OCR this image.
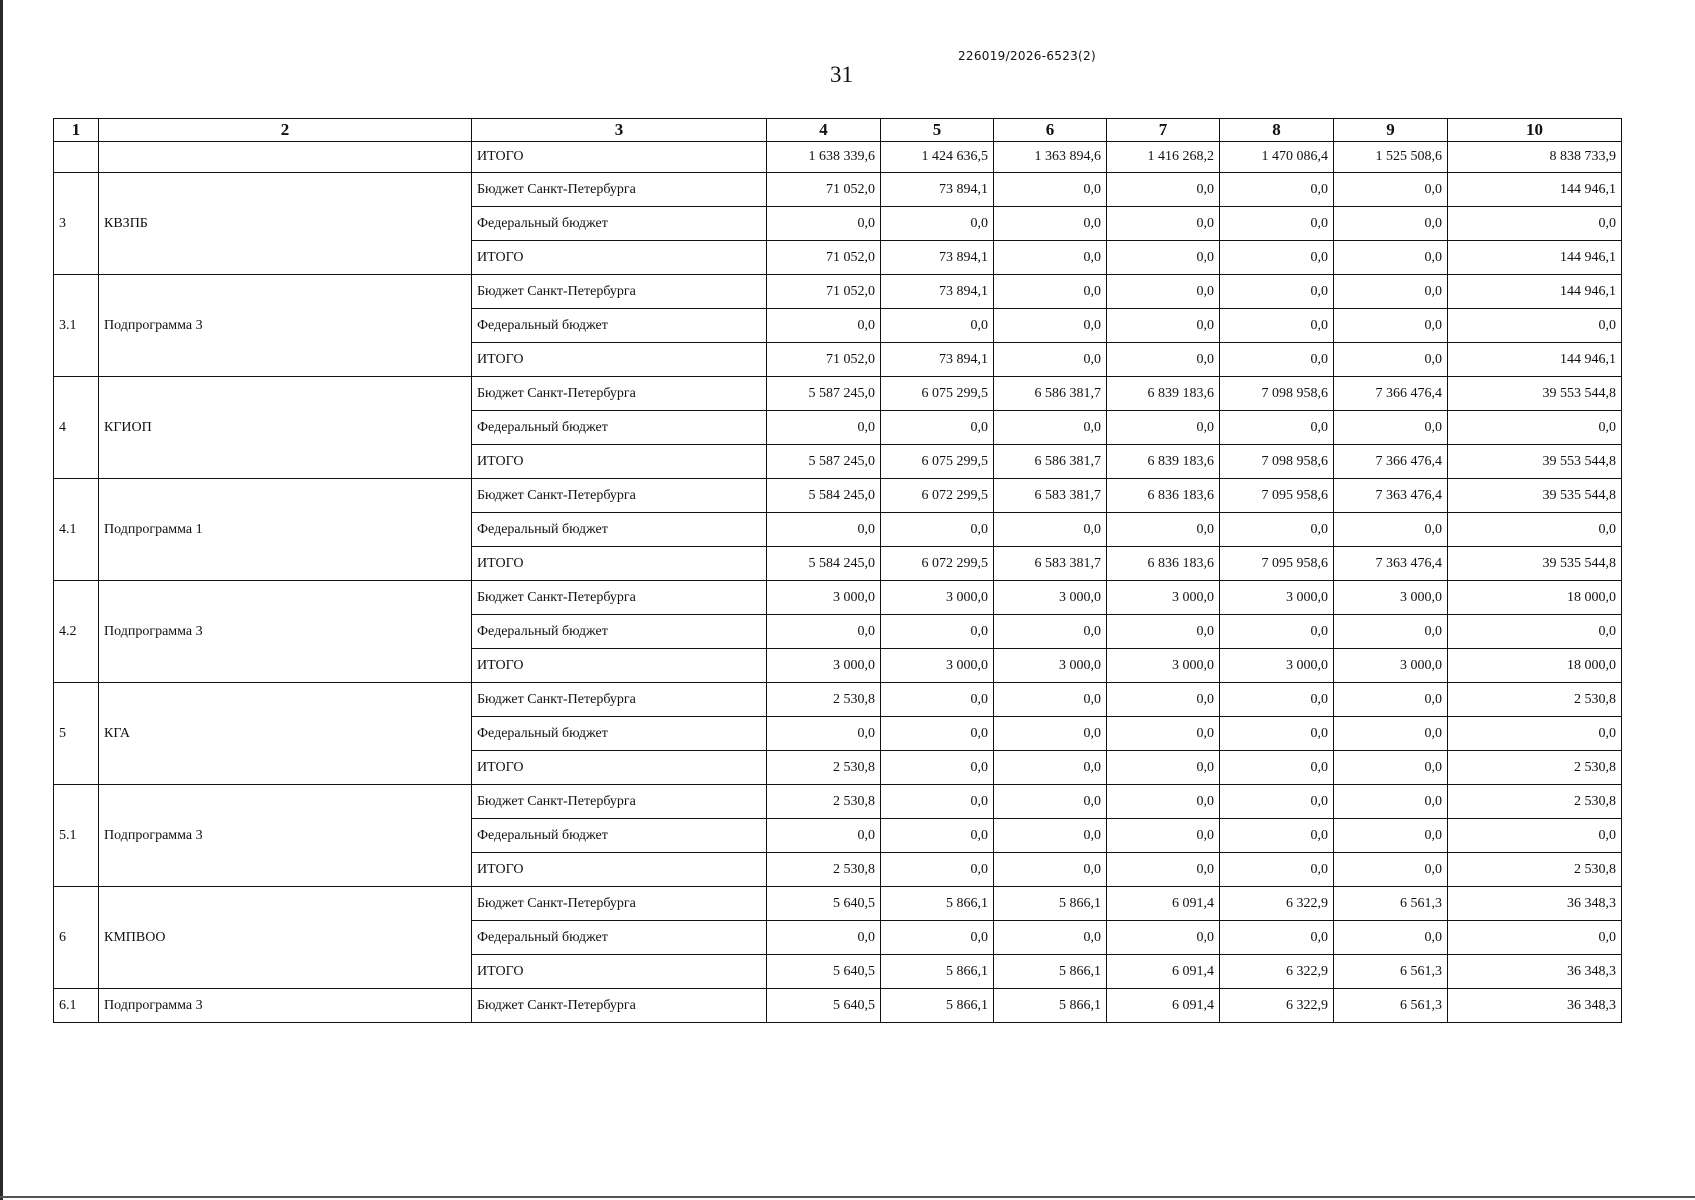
226019/2026-6523(2)
31
1	2	3	4	5	6	7	8	9	10
		ИТОГО	1 638 339,6	1 424 636,5	1 363 894,6	1 416 268,2	1 470 086,4	1 525 508,6	8 838 733,9
3	КВЗПБ	Бюджет Санкт-Петербурга	71 052,0	73 894,1	0,0	0,0	0,0	0,0	144 946,1
		Федеральный бюджет	0,0	0,0	0,0	0,0	0,0	0,0	0,0
		ИТОГО	71 052,0	73 894,1	0,0	0,0	0,0	0,0	144 946,1
3.1	Подпрограмма 3	Бюджет Санкт-Петербурга	71 052,0	73 894,1	0,0	0,0	0,0	0,0	144 946,1
		Федеральный бюджет	0,0	0,0	0,0	0,0	0,0	0,0	0,0
		ИТОГО	71 052,0	73 894,1	0,0	0,0	0,0	0,0	144 946,1
4	КГИОП	Бюджет Санкт-Петербурга	5 587 245,0	6 075 299,5	6 586 381,7	6 839 183,6	7 098 958,6	7 366 476,4	39 553 544,8
		Федеральный бюджет	0,0	0,0	0,0	0,0	0,0	0,0	0,0
		ИТОГО	5 587 245,0	6 075 299,5	6 586 381,7	6 839 183,6	7 098 958,6	7 366 476,4	39 553 544,8
4.1	Подпрограмма 1	Бюджет Санкт-Петербурга	5 584 245,0	6 072 299,5	6 583 381,7	6 836 183,6	7 095 958,6	7 363 476,4	39 535 544,8
		Федеральный бюджет	0,0	0,0	0,0	0,0	0,0	0,0	0,0
		ИТОГО	5 584 245,0	6 072 299,5	6 583 381,7	6 836 183,6	7 095 958,6	7 363 476,4	39 535 544,8
4.2	Подпрограмма 3	Бюджет Санкт-Петербурга	3 000,0	3 000,0	3 000,0	3 000,0	3 000,0	3 000,0	18 000,0
		Федеральный бюджет	0,0	0,0	0,0	0,0	0,0	0,0	0,0
		ИТОГО	3 000,0	3 000,0	3 000,0	3 000,0	3 000,0	3 000,0	18 000,0
5	КГА	Бюджет Санкт-Петербурга	2 530,8	0,0	0,0	0,0	0,0	0,0	2 530,8
		Федеральный бюджет	0,0	0,0	0,0	0,0	0,0	0,0	0,0
		ИТОГО	2 530,8	0,0	0,0	0,0	0,0	0,0	2 530,8
5.1	Подпрограмма 3	Бюджет Санкт-Петербурга	2 530,8	0,0	0,0	0,0	0,0	0,0	2 530,8
		Федеральный бюджет	0,0	0,0	0,0	0,0	0,0	0,0	0,0
		ИТОГО	2 530,8	0,0	0,0	0,0	0,0	0,0	2 530,8
6	КМПВОО	Бюджет Санкт-Петербурга	5 640,5	5 866,1	5 866,1	6 091,4	6 322,9	6 561,3	36 348,3
		Федеральный бюджет	0,0	0,0	0,0	0,0	0,0	0,0	0,0
		ИТОГО	5 640,5	5 866,1	5 866,1	6 091,4	6 322,9	6 561,3	36 348,3
6.1	Подпрограмма 3	Бюджет Санкт-Петербурга	5 640,5	5 866,1	5 866,1	6 091,4	6 322,9	6 561,3	36 348,3
